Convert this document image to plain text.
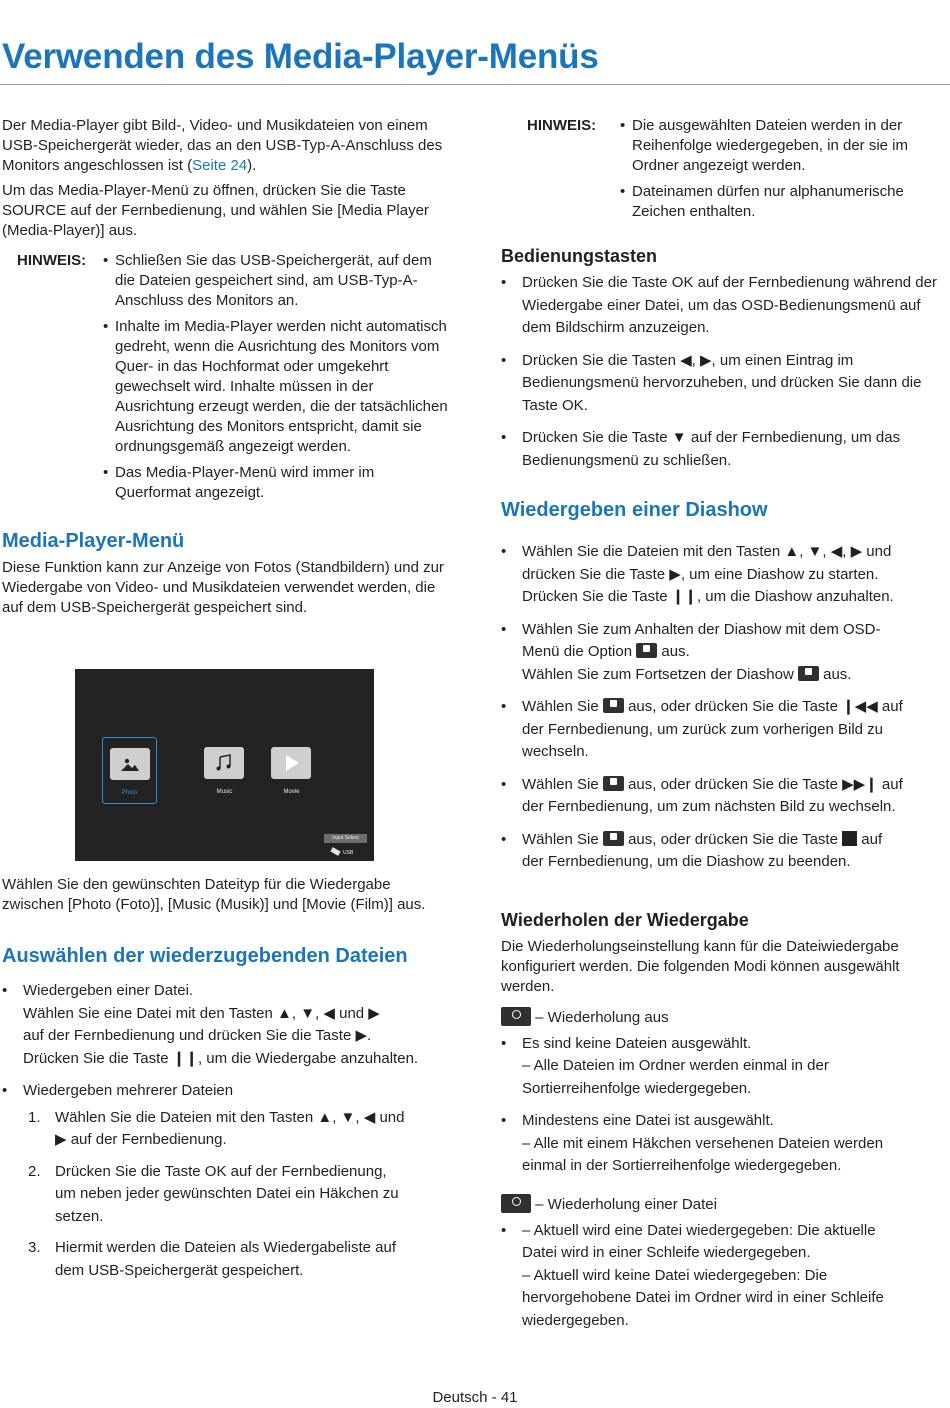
Verwenden des Media-Player-Menüs

Der Media-Player gibt Bild-, Video- und Musikdateien von einem USB-Speichergerät wieder, das an den USB-Typ-A-Anschluss des Monitors angeschlossen ist (Seite 24).

Um das Media-Player-Menü zu öffnen, drücken Sie die Taste SOURCE auf der Fernbedienung, und wählen Sie [Media Player (Media-Player)] aus.

HINWEIS:	• Schließen Sie das USB-Speichergerät, auf dem die Dateien gespeichert sind, am USB-Typ-A-Anschluss des Monitors an.
• Inhalte im Media-Player werden nicht automatisch gedreht, wenn die Ausrichtung des Monitors vom Quer- in das Hochformat oder umgekehrt gewechselt wird. Inhalte müssen in der Ausrichtung erzeugt werden, die der tatsächlichen Ausrichtung des Monitors entspricht, damit sie ordnungsgemäß angezeigt werden.
• Das Media-Player-Menü wird immer im Querformat angezeigt.
Media-Player-Menü

Diese Funktion kann zur Anzeige von Fotos (Standbildern) und zur Wiedergabe von Video- und Musikdateien verwendet werden, die auf dem USB-Speichergerät gespeichert sind.

Photo	Music	Movie
Input Select
USB

Wählen Sie den gewünschten Dateityp für die Wiedergabe zwischen [Photo (Foto)], [Music (Musik)] und [Movie (Film)] aus.

Auswählen der wiederzugebenden Dateien
• Wiedergeben einer Datei.
Wählen Sie eine Datei mit den Tasten ▲, ▼, ◀ und ▶
auf der Fernbedienung und drücken Sie die Taste ▶.
Drücken Sie die Taste ❙❙, um die Wiedergabe anzuhalten.
• Wiedergeben mehrerer Dateien
1. Wählen Sie die Dateien mit den Tasten ▲, ▼, ◀ und
▶ auf der Fernbedienung.
2. Drücken Sie die Taste OK auf der Fernbedienung,
um neben jeder gewünschten Datei ein Häkchen zu
setzen.
3. Hiermit werden die Dateien als Wiedergabeliste auf
dem USB-Speichergerät gespeichert.
HINWEIS:	• Die ausgewählten Dateien werden in der Reihenfolge wiedergegeben, in der sie im Ordner angezeigt werden.
• Dateinamen dürfen nur alphanumerische Zeichen enthalten.
Bedienungstasten
• Drücken Sie die Taste OK auf der Fernbedienung während der Wiedergabe einer Datei, um das OSD-Bedienungsmenü auf dem Bildschirm anzuzeigen.
• Drücken Sie die Tasten ◀, ▶, um einen Eintrag im Bedienungsmenü hervorzuheben, und drücken Sie dann die Taste OK.
• Drücken Sie die Taste ▼ auf der Fernbedienung, um das Bedienungsmenü zu schließen.
Wiedergeben einer Diashow
• Wählen Sie die Dateien mit den Tasten ▲, ▼, ◀, ▶ und
drücken Sie die Taste ▶, um eine Diashow zu starten.
Drücken Sie die Taste ❙❙, um die Diashow anzuhalten.
• Wählen Sie zum Anhalten der Diashow mit dem OSD-
Menü die Option aus.
Wählen Sie zum Fortsetzen der Diashow aus.
• Wählen Sie aus, oder drücken Sie die Taste ❙◀◀ auf
der Fernbedienung, um zurück zum vorherigen Bild zu
wechseln.
• Wählen Sie aus, oder drücken Sie die Taste ▶▶❙ auf
der Fernbedienung, um zum nächsten Bild zu wechseln.
• Wählen Sie aus, oder drücken Sie die Taste auf
der Fernbedienung, um die Diashow zu beenden.
Wiederholen der Wiedergabe

Die Wiederholungseinstellung kann für die Dateiwiedergabe konfiguriert werden. Die folgenden Modi können ausgewählt werden.

– Wiederholung aus
• Es sind keine Dateien ausgewählt.
– Alle Dateien im Ordner werden einmal in der
Sortierreihenfolge wiedergegeben.
• Mindestens eine Datei ist ausgewählt.
– Alle mit einem Häkchen versehenen Dateien werden
einmal in der Sortierreihenfolge wiedergegeben.
– Wiederholung einer Datei
• – Aktuell wird eine Datei wiedergegeben: Die aktuelle
Datei wird in einer Schleife wiedergegeben.
– Aktuell wird keine Datei wiedergegeben: Die
hervorgehobene Datei im Ordner wird in einer Schleife
wiedergegeben.
Deutsch - 41
